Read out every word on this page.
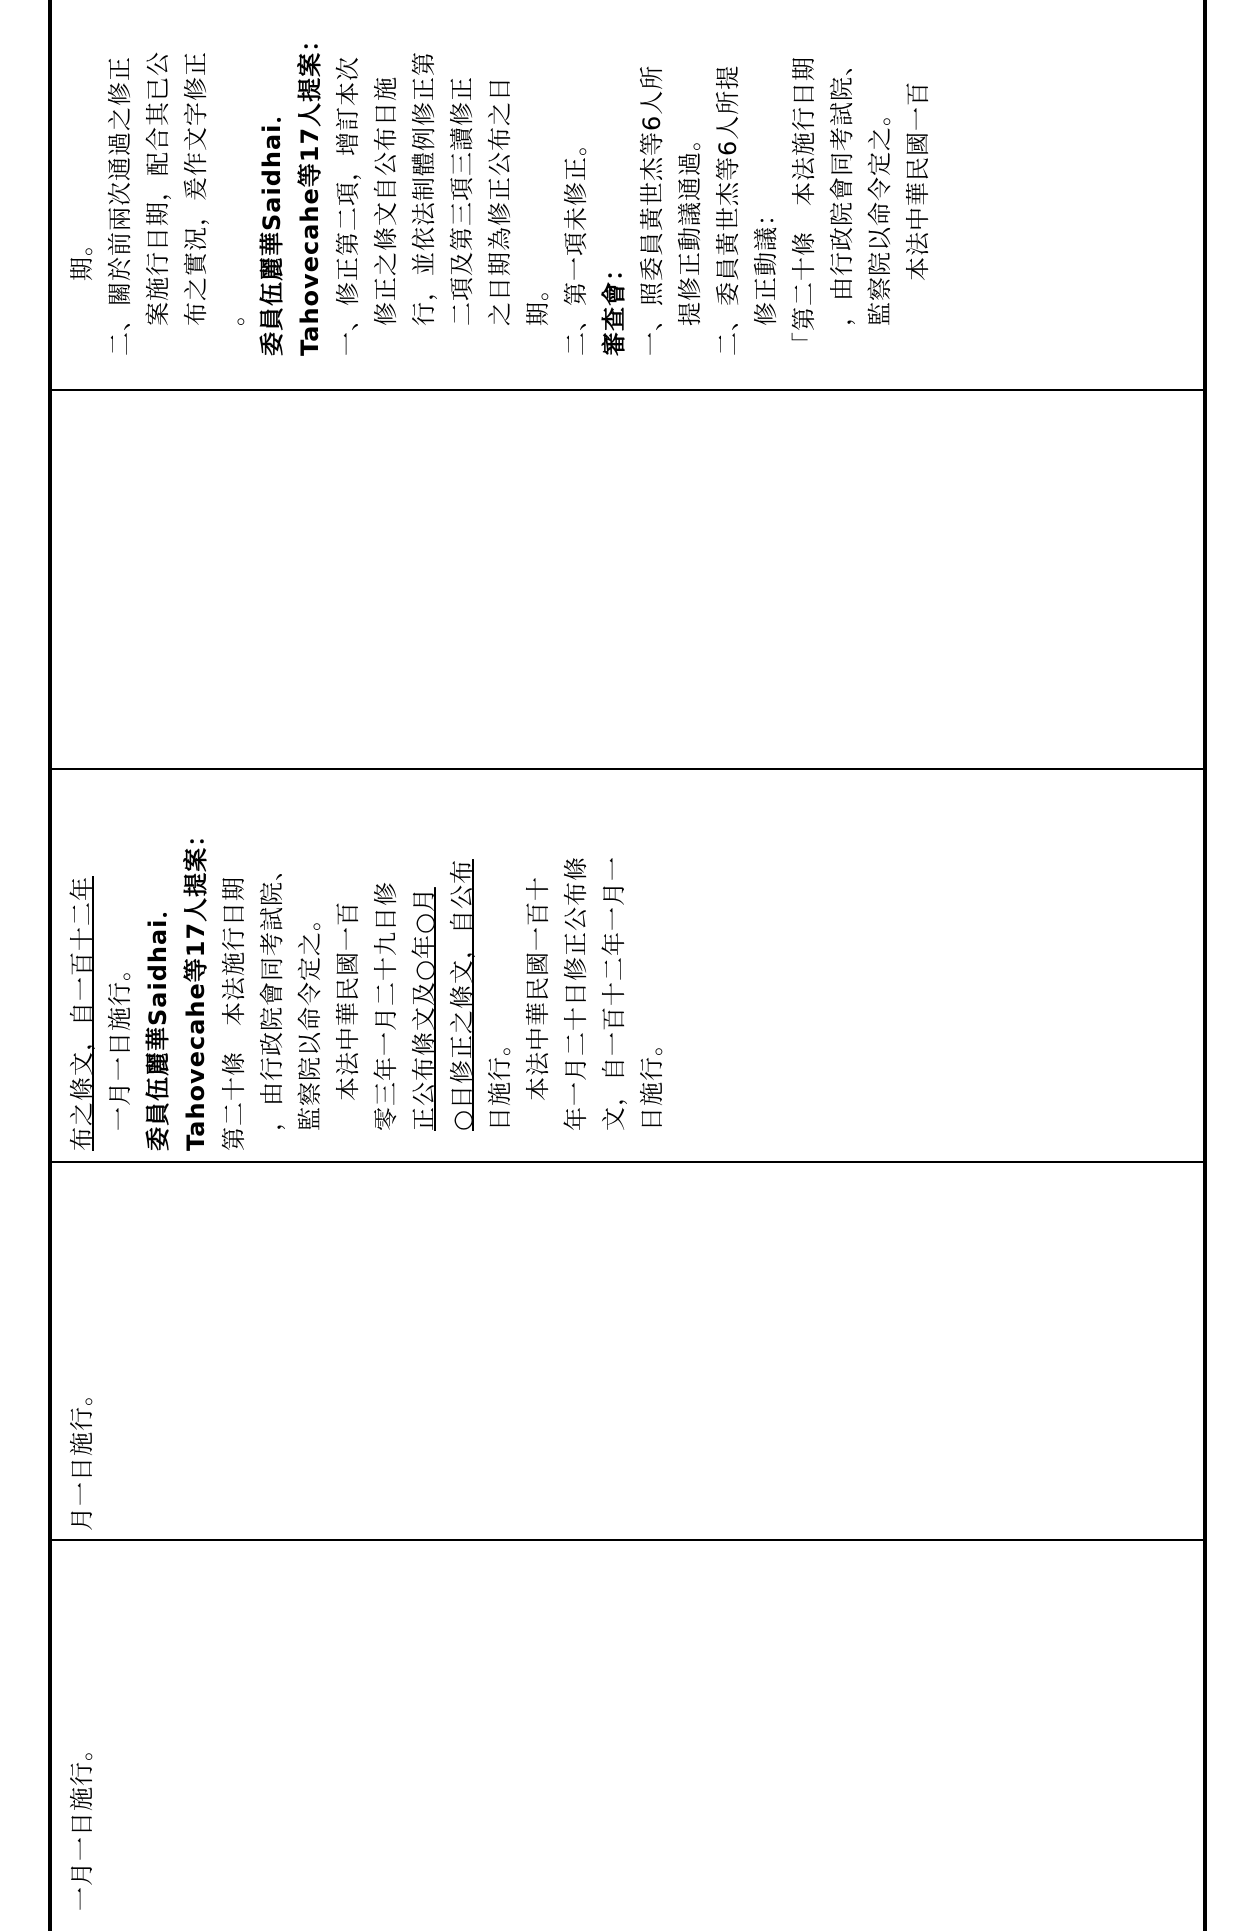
一月一日施行。
月一日施行。
布之條文，自一百十二年 一月一日施行。 委員伍麗華Saidhai． Tahovecahe等17人提案： 第二十條　本法施行日期 ，由行政院會同考試院、 監察院以命令定之。 本法中華民國一百 零三年一月二十九日修 正公布條文及○年○月 ○日修正之條文，自公布 日施行。 本法中華民國一百十 年一月二十日修正公布條 文，自一百十二年一月一 日施行。
期。 二、關於前兩次通過之修正 案施行日期，配合其已公 布之實況，爰作文字修正 。 委員伍麗華Saidhai． Tahovecahe等17人提案： 一、修正第二項，增訂本次 修正之條文自公布日施 行，並依法制體例修正第 二項及第三項三讀修正 之日期為修正公布之日 期。 二、第一項未修正。 審查會： 一、照委員黃世杰等6人所 提修正動議通過。 二、委員黃世杰等6人所提 修正動議： 「第二十條　本法施行日期 ，由行政院會同考試院、 監察院以命令定之。 本法中華民國一百
